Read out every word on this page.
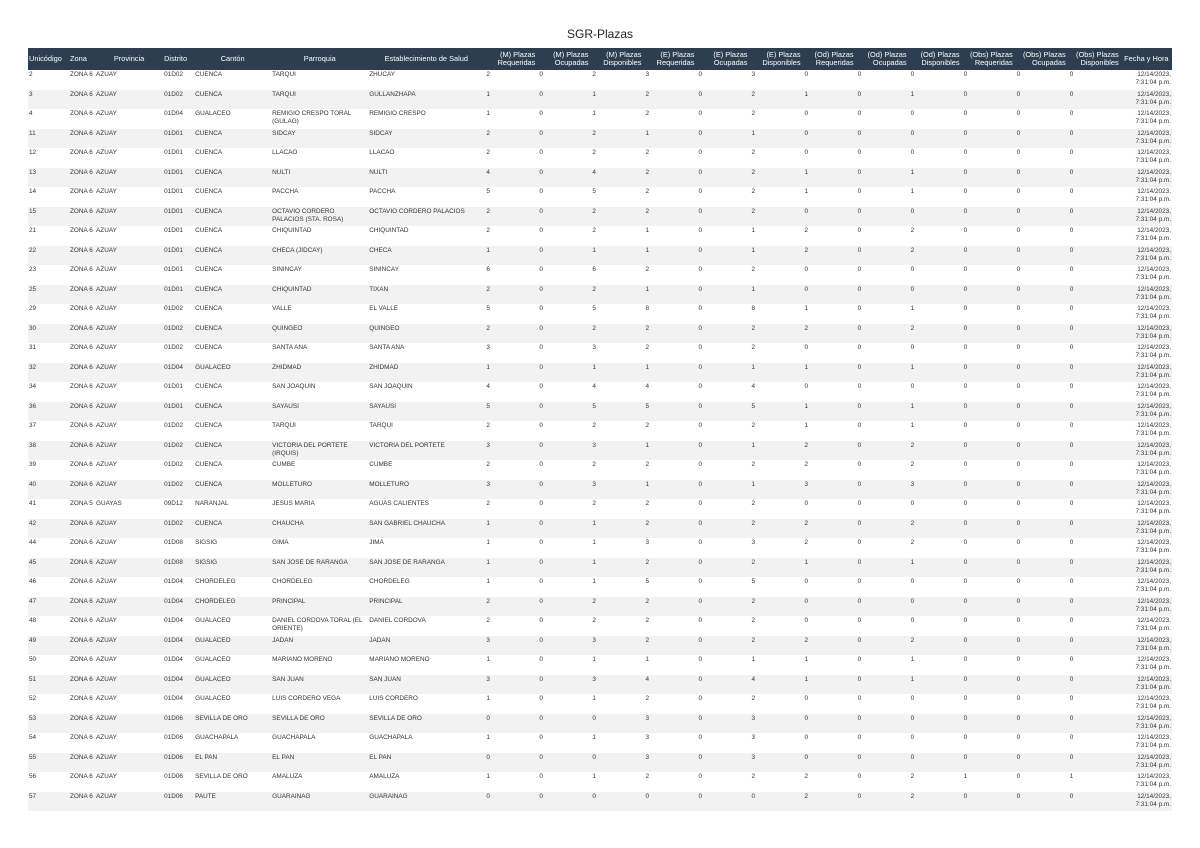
SGR-Plazas
Unicódigo	Zona	Provincia	Distrito	Cantón	Parroquia	Establecimiento de Salud	(M) Plazas Requeridas	(M) Plazas Ocupadas	(M) Plazas Disponibles	(E) Plazas Requeridas	(E) Plazas Ocupadas	(E) Plazas Disponibles	(Od) Plazas Requeridas	(Od) Plazas Ocupadas	(Od) Plazas Disponibles	(Obs) Plazas Requeridas	(Obs) Plazas Ocupadas	(Obs) Plazas Disponibles	Fecha y Hora
2	ZONA 6	AZUAY	01D02	CUENCA	TARQUI	ZHUCAY	2	0	2	3	0	3	0	0	0	0	0	0	12/14/2023, 7:31:04 p.m.
3	ZONA 6	AZUAY	01D02	CUENCA	TARQUI	GULLANZHAPA	1	0	1	2	0	2	1	0	1	0	0	0	12/14/2023, 7:31:04 p.m.
4	ZONA 6	AZUAY	01D04	GUALACEO	REMIGIO CRESPO TORAL (GULAG)	REMIGIO CRESPO	1	0	1	2	0	2	0	0	0	0	0	0	12/14/2023, 7:31:04 p.m.
11	ZONA 6	AZUAY	01D01	CUENCA	SIDCAY	SIDCAY	2	0	2	1	0	1	0	0	0	0	0	0	12/14/2023, 7:31:04 p.m.
12	ZONA 6	AZUAY	01D01	CUENCA	LLACAO	LLACAO	2	0	2	2	0	2	0	0	0	0	0	0	12/14/2023, 7:31:04 p.m.
13	ZONA 6	AZUAY	01D01	CUENCA	NULTI	NULTI	4	0	4	2	0	2	1	0	1	0	0	0	12/14/2023, 7:31:04 p.m.
14	ZONA 6	AZUAY	01D01	CUENCA	PACCHA	PACCHA	5	0	5	2	0	2	1	0	1	0	0	0	12/14/2023, 7:31:04 p.m.
15	ZONA 6	AZUAY	01D01	CUENCA	OCTAVIO CORDERO PALACIOS (STA. ROSA)	OCTAVIO CORDERO PALACIOS	2	0	2	2	0	2	0	0	0	0	0	0	12/14/2023, 7:31:04 p.m.
21	ZONA 6	AZUAY	01D01	CUENCA	CHIQUINTAD	CHIQUINTAD	2	0	2	1	0	1	2	0	2	0	0	0	12/14/2023, 7:31:04 p.m.
22	ZONA 6	AZUAY	01D01	CUENCA	CHECA (JIDCAY)	CHECA	1	0	1	1	0	1	2	0	2	0	0	0	12/14/2023, 7:31:04 p.m.
23	ZONA 6	AZUAY	01D01	CUENCA	SININCAY	SININCAY	6	0	6	2	0	2	0	0	0	0	0	0	12/14/2023, 7:31:04 p.m.
25	ZONA 6	AZUAY	01D01	CUENCA	CHIQUINTAD	TIXAN	2	0	2	1	0	1	0	0	0	0	0	0	12/14/2023, 7:31:04 p.m.
29	ZONA 6	AZUAY	01D02	CUENCA	VALLE	EL VALLE	5	0	5	8	0	8	1	0	1	0	0	0	12/14/2023, 7:31:04 p.m.
30	ZONA 6	AZUAY	01D02	CUENCA	QUINGEO	QUINGEO	2	0	2	2	0	2	2	0	2	0	0	0	12/14/2023, 7:31:04 p.m.
31	ZONA 6	AZUAY	01D02	CUENCA	SANTA ANA	SANTA ANA	3	0	3	2	0	2	0	0	0	0	0	0	12/14/2023, 7:31:04 p.m.
32	ZONA 6	AZUAY	01D04	GUALACEO	ZHIDMAD	ZHIDMAD	1	0	1	1	0	1	1	0	1	0	0	0	12/14/2023, 7:31:04 p.m.
34	ZONA 6	AZUAY	01D01	CUENCA	SAN JOAQUIN	SAN JOAQUIN	4	0	4	4	0	4	0	0	0	0	0	0	12/14/2023, 7:31:04 p.m.
36	ZONA 6	AZUAY	01D01	CUENCA	SAYAUSI	SAYAUSI	5	0	5	5	0	5	1	0	1	0	0	0	12/14/2023, 7:31:04 p.m.
37	ZONA 6	AZUAY	01D02	CUENCA	TARQUI	TARQUI	2	0	2	2	0	2	1	0	1	0	0	0	12/14/2023, 7:31:04 p.m.
38	ZONA 6	AZUAY	01D02	CUENCA	VICTORIA DEL PORTETE (IRQUIS)	VICTORIA DEL PORTETE	3	0	3	1	0	1	2	0	2	0	0	0	12/14/2023, 7:31:04 p.m.
39	ZONA 6	AZUAY	01D02	CUENCA	CUMBE	CUMBE	2	0	2	2	0	2	2	0	2	0	0	0	12/14/2023, 7:31:04 p.m.
40	ZONA 6	AZUAY	01D02	CUENCA	MOLLETURO	MOLLETURO	3	0	3	1	0	1	3	0	3	0	0	0	12/14/2023, 7:31:04 p.m.
41	ZONA 5	GUAYAS	09D12	NARANJAL	JESUS MARIA	AGUAS CALIENTES	2	0	2	2	0	2	0	0	0	0	0	0	12/14/2023, 7:31:04 p.m.
42	ZONA 6	AZUAY	01D02	CUENCA	CHAUCHA	SAN GABRIEL CHAUCHA	1	0	1	2	0	2	2	0	2	0	0	0	12/14/2023, 7:31:04 p.m.
44	ZONA 6	AZUAY	01D08	SIGSIG	GIMA	JIMA	1	0	1	3	0	3	2	0	2	0	0	0	12/14/2023, 7:31:04 p.m.
45	ZONA 6	AZUAY	01D08	SIGSIG	SAN JOSE DE RARANGA	SAN JOSE DE RARANGA	1	0	1	2	0	2	1	0	1	0	0	0	12/14/2023, 7:31:04 p.m.
46	ZONA 6	AZUAY	01D04	CHORDELEG	CHORDELEG	CHORDELEG	1	0	1	5	0	5	0	0	0	0	0	0	12/14/2023, 7:31:04 p.m.
47	ZONA 6	AZUAY	01D04	CHORDELEG	PRINCIPAL	PRINCIPAL	2	0	2	2	0	2	0	0	0	0	0	0	12/14/2023, 7:31:04 p.m.
48	ZONA 6	AZUAY	01D04	GUALACEO	DANIEL CORDOVA TORAL (EL ORIENTE)	DANIEL CORDOVA	2	0	2	2	0	2	0	0	0	0	0	0	12/14/2023, 7:31:04 p.m.
49	ZONA 6	AZUAY	01D04	GUALACEO	JADAN	JADAN	3	0	3	2	0	2	2	0	2	0	0	0	12/14/2023, 7:31:04 p.m.
50	ZONA 6	AZUAY	01D04	GUALACEO	MARIANO MORENO	MARIANO MORENO	1	0	1	1	0	1	1	0	1	0	0	0	12/14/2023, 7:31:04 p.m.
51	ZONA 6	AZUAY	01D04	GUALACEO	SAN JUAN	SAN JUAN	3	0	3	4	0	4	1	0	1	0	0	0	12/14/2023, 7:31:04 p.m.
52	ZONA 6	AZUAY	01D04	GUALACEO	LUIS CORDERO VEGA	LUIS CORDERO	1	0	1	2	0	2	0	0	0	0	0	0	12/14/2023, 7:31:04 p.m.
53	ZONA 6	AZUAY	01D06	SEVILLA DE ORO	SEVILLA DE ORO	SEVILLA DE ORO	0	0	0	3	0	3	0	0	0	0	0	0	12/14/2023, 7:31:04 p.m.
54	ZONA 6	AZUAY	01D06	GUACHAPALA	GUACHAPALA	GUACHAPALA	1	0	1	3	0	3	0	0	0	0	0	0	12/14/2023, 7:31:04 p.m.
55	ZONA 6	AZUAY	01D06	EL PAN	EL PAN	EL PAN	0	0	0	3	0	3	0	0	0	0	0	0	12/14/2023, 7:31:04 p.m.
56	ZONA 6	AZUAY	01D06	SEVILLA DE ORO	AMALUZA	AMALUZA	1	0	1	2	0	2	2	0	2	1	0	1	12/14/2023, 7:31:04 p.m.
57	ZONA 6	AZUAY	01D06	PAUTE	GUARAINAG	GUARAINAG	0	0	0	0	0	0	2	0	2	0	0	0	12/14/2023, 7:31:04 p.m.
